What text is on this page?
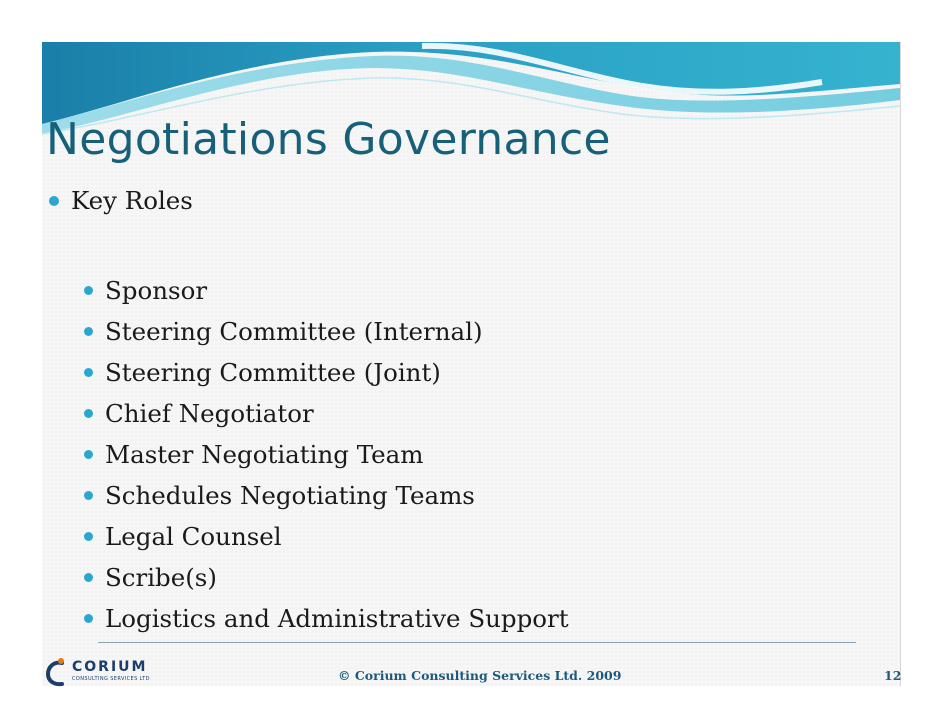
Negotiations Governance
Key Roles
Sponsor
Steering Committee (Internal)
Steering Committee (Joint)
Chief Negotiator
Master Negotiating Team
Schedules Negotiating Teams
Legal Counsel
Scribe(s)
Logistics and Administrative Support
CORIUM
CONSULTING SERVICES LTD	© Corium Consulting Services Ltd. 2009	12
